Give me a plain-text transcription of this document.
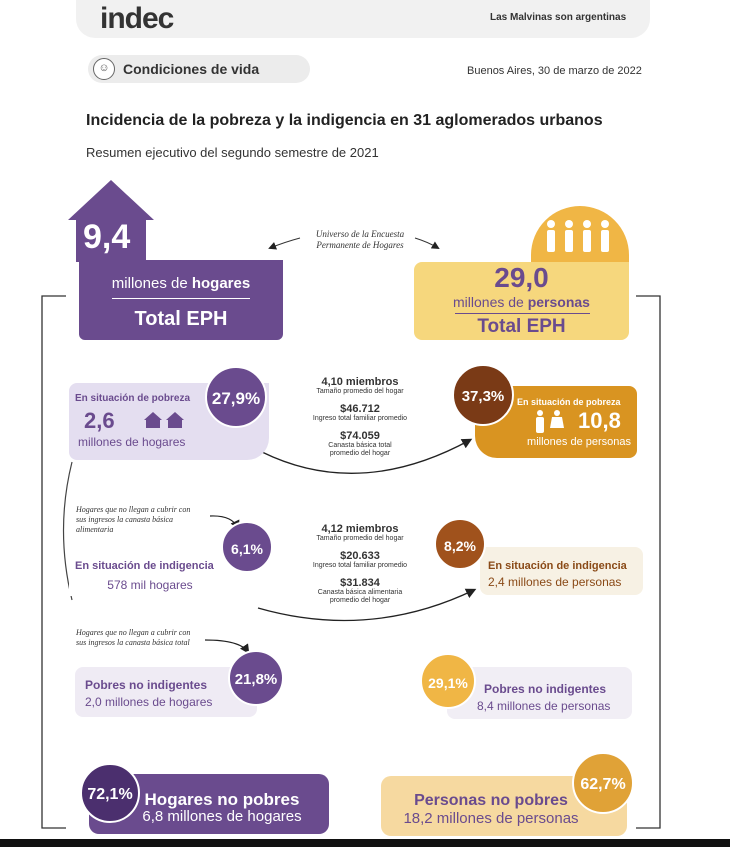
indec	Las Malvinas son argentinas
☺ Condiciones de vida	Buenos Aires, 30 de marzo de 2022
Incidencia de la pobreza y la indigencia en 31 aglomerados urbanos
Resumen ejecutivo del segundo semestre de 2021
Universo de la Encuesta
Permanente de Hogares
9,4
millones de hogares
Total EPH
29,0
millones de personas
Total EPH
En situación de pobreza
2,6
millones de hogares
27,9%
4,10 miembros
Tamaño promedio del hogar
$46.712
Ingreso total familiar promedio
$74.059
Canasta básica total
promedio del hogar
En situación de pobreza
10,8
millones de personas
37,3%
Hogares que no llegan a cubrir con
sus ingresos la canasta básica
alimentaria
En situación de indigencia
578 mil hogares
6,1%
4,12 miembros
Tamaño promedio del hogar
$20.633
Ingreso total familiar promedio
$31.834
Canasta básica alimentaria
promedio del hogar
En situación de indigencia
2,4 millones de personas
8,2%
Hogares que no llegan a cubrir con
sus ingresos la canasta básica total
Pobres no indigentes
2,0 millones de hogares
21,8%
Pobres no indigentes
8,4 millones de personas
29,1%
Hogares no pobres
6,8 millones de hogares
72,1%	Personas no pobres
18,2 millones de personas
62,7%
